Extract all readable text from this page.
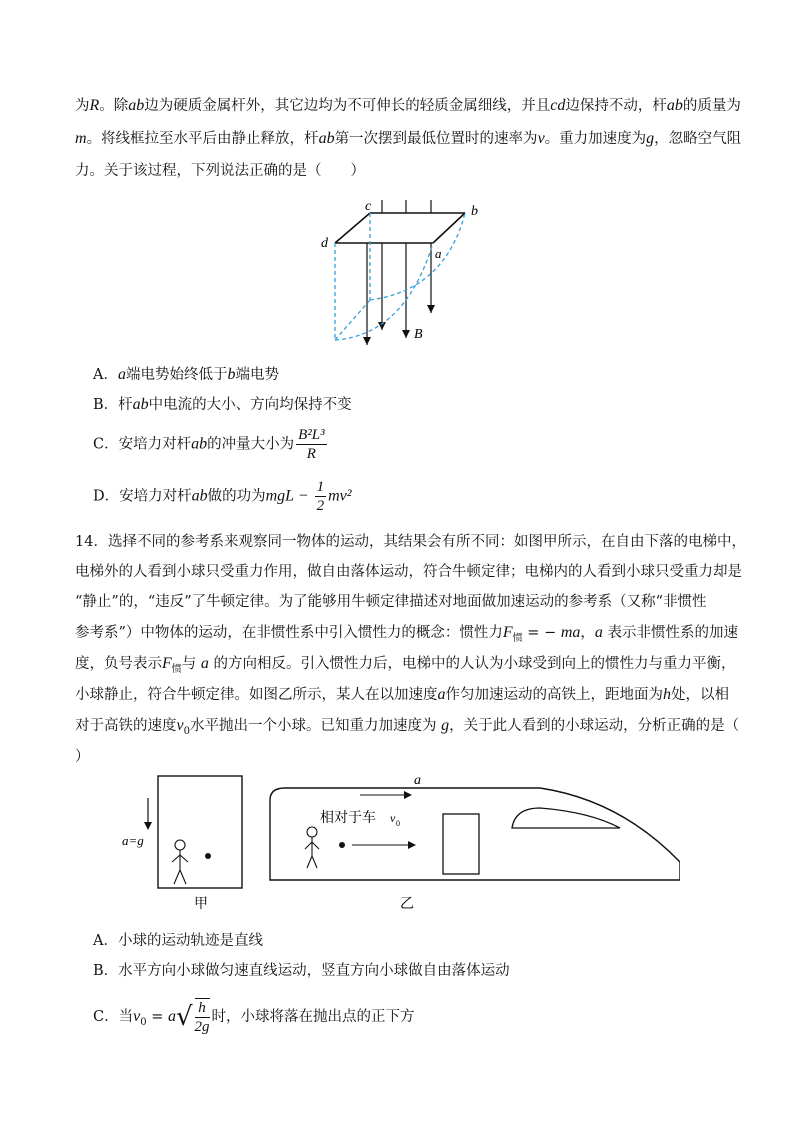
为R。除ab边为硬质金属杆外，其它边均为不可伸长的轻质金属细线，并且cd边保持不动，杆ab的质量为
m。将线框拉至水平后由静止释放，杆ab第一次摆到最低位置时的速率为v。重力加速度为g，忽略空气阻
力。关于该过程，下列说法正确的是（　　）
c	b
d
a
B
A．a端电势始终低于b端电势
B．杆ab中电流的大小、方向均保持不变
C．安培力对杆ab的冲量大小为 $\frac{\text{B²L³}}{R}$
D．安培力对杆ab做的功为mgL − $\frac{1}{2} mv^2$
14．选择不同的参考系来观察同一物体的运动，其结果会有所不同：如图甲所示，在自由下落的电梯中，
电梯外的人看到小球只受重力作用，做自由落体运动，符合牛顿定律；电梯内的人看到小球只受重力却是
“静止”的，“违反”了牛顿定律。为了能够用牛顿定律描述对地面做加速运动的参考系（又称“非惯性
参考系”）中物体的运动，在非惯性系中引入惯性力的概念：惯性力$F_惯$ = − ma，a 表示非惯性系的加速
度，负号表示$F_惯$与 a 的方向相反。引入惯性力后，电梯中的人认为小球受到向上的惯性力与重力平衡，
小球静止，符合牛顿定律。如图乙所示，某人在以加速度a作匀加速运动的高铁上，距地面为h处，以相
对于高铁的速度$v_0$水平抛出一个小球。已知重力加速度为 g，关于此人看到的小球运动，分析正确的是（
）
a=g
甲
a
相对于车 v 0
乙
A．小球的运动轨迹是直线
B．水平方向小球做匀速直线运动，竖直方向小球做自由落体运动
C．当$v_0 = a√ \frac{h}{2g}$ 时，小球将落在抛出点的正下方
